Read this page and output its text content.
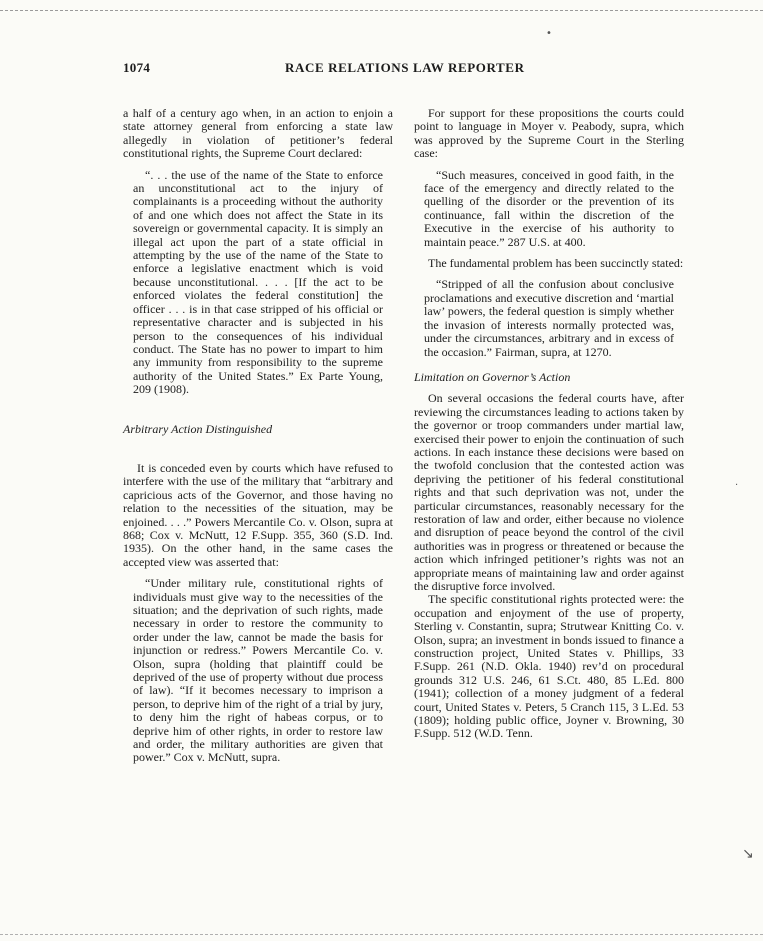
1074	RACE RELATIONS LAW REPORTER

a half of a century ago when, in an action to enjoin a state attorney general from enforcing a state law allegedly in violation of petitioner’s federal constitutional rights, the Supreme Court declared:

“. . . the use of the name of the State to enforce an unconstitutional act to the injury of complainants is a proceeding without the authority of and one which does not affect the State in its sovereign or governmental capacity. It is simply an illegal act upon the part of a state official in attempting by the use of the name of the State to enforce a legislative enactment which is void because unconstitutional. . . . [If the act to be enforced violates the federal constitution] the officer . . . is in that case stripped of his official or representative character and is subjected in his person to the consequences of his individual conduct. The State has no power to impart to him any immunity from responsibility to the supreme authority of the United States.” Ex Parte Young, 209 (1908).

Arbitrary Action Distinguished

It is conceded even by courts which have refused to interfere with the use of the military that “arbitrary and capricious acts of the Governor, and those having no relation to the necessities of the situation, may be enjoined. . . .” Powers Mercantile Co. v. Olson, supra at 868; Cox v. McNutt, 12 F.Supp. 355, 360 (S.D. Ind. 1935). On the other hand, in the same cases the accepted view was asserted that:

“Under military rule, constitutional rights of individuals must give way to the necessities of the situation; and the deprivation of such rights, made necessary in order to restore the community to order under the law, cannot be made the basis for injunction or redress.” Powers Mercantile Co. v. Olson, supra (holding that plaintiff could be deprived of the use of property without due process of law). “If it becomes necessary to imprison a person, to deprive him of the right of a trial by jury, to deny him the right of habeas corpus, or to deprive him of other rights, in order to restore law and order, the military authorities are given that power.” Cox v. McNutt, supra.

For support for these propositions the courts could point to language in Moyer v. Peabody, supra, which was approved by the Supreme Court in the Sterling case:

“Such measures, conceived in good faith, in the face of the emergency and directly related to the quelling of the disorder or the prevention of its continuance, fall within the discretion of the Executive in the exercise of his authority to maintain peace.” 287 U.S. at 400.

The fundamental problem has been succinctly stated:

“Stripped of all the confusion about conclusive proclamations and executive discretion and ‘martial law’ powers, the federal question is simply whether the invasion of interests normally protected was, under the circumstances, arbitrary and in excess of the occasion.” Fairman, supra, at 1270.

Limitation on Governor’s Action

On several occasions the federal courts have, after reviewing the circumstances leading to actions taken by the governor or troop commanders under martial law, exercised their power to enjoin the continuation of such actions. In each instance these decisions were based on the twofold conclusion that the contested action was depriving the petitioner of his federal constitutional rights and that such deprivation was not, under the particular circumstances, reasonably necessary for the restoration of law and order, either because no violence and disruption of peace beyond the control of the civil authorities was in progress or threatened or because the action which infringed petitioner’s rights was not an appropriate means of maintaining law and order against the disruptive force involved.

The specific constitutional rights protected were: the occupation and enjoyment of the use of property, Sterling v. Constantin, supra; Strutwear Knitting Co. v. Olson, supra; an investment in bonds issued to finance a construction project, United States v. Phillips, 33 F.Supp. 261 (N.D. Okla. 1940) rev’d on procedural grounds 312 U.S. 246, 61 S.Ct. 480, 85 L.Ed. 800 (1941); collection of a money judgment of a federal court, United States v. Peters, 5 Cranch 115, 3 L.Ed. 53 (1809); holding public office, Joyner v. Browning, 30 F.Supp. 512 (W.D. Tenn.

•
·
↘
